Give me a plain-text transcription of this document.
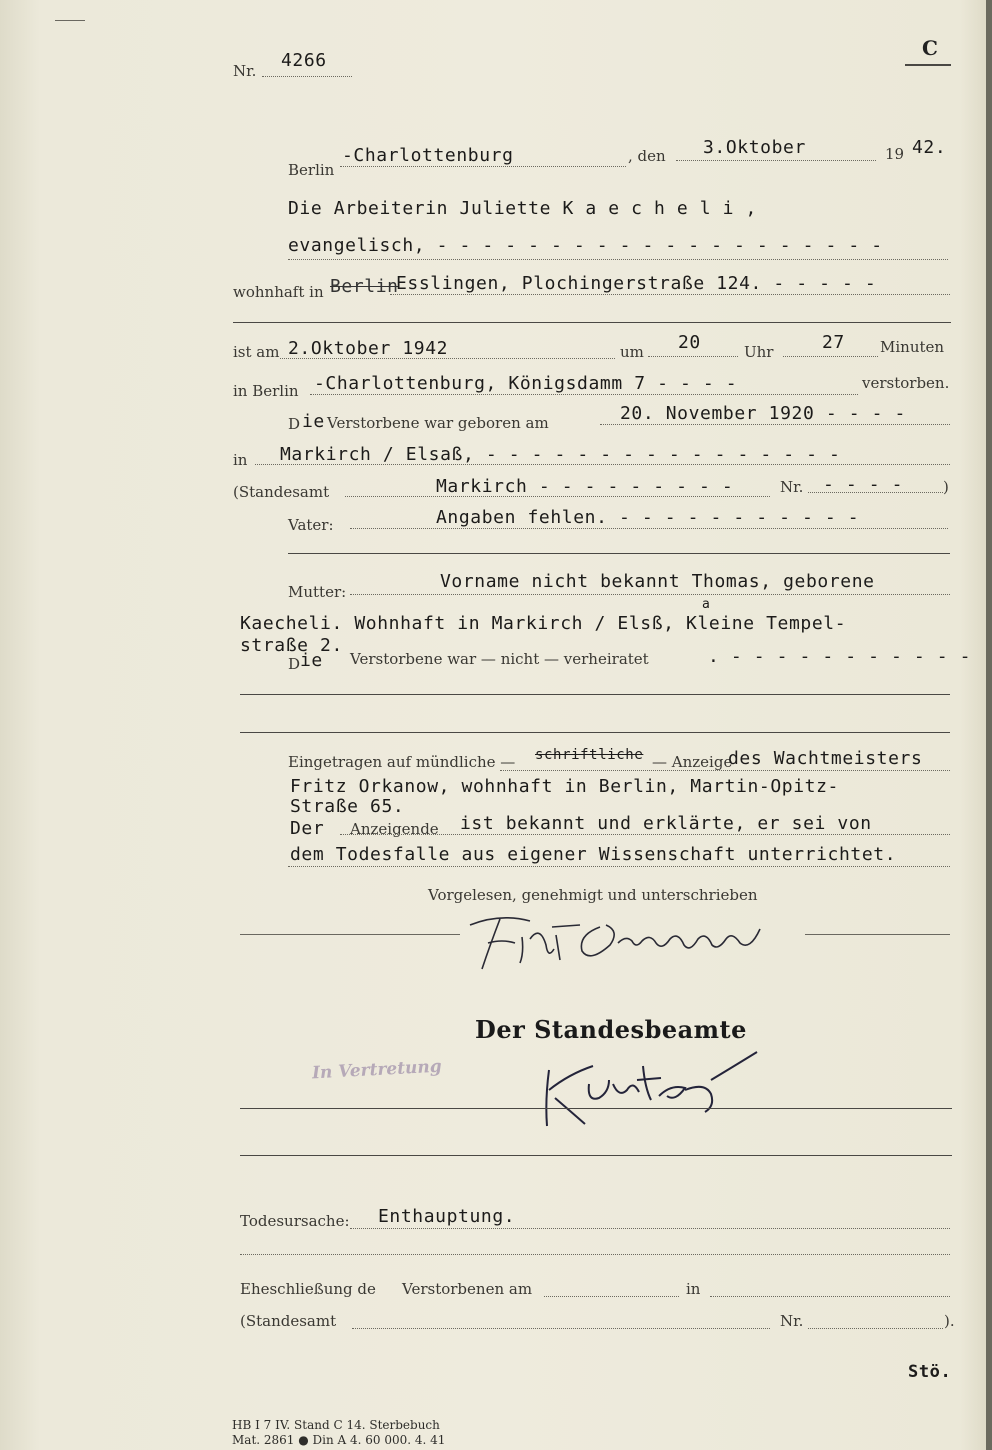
Nr. 4266
C
Berlin
-Charlottenburg	, den 3.Oktober	19 42.
Die Arbeiterin Juliette K a e c h e l i ,
evangelisch, - - - - - - - - - - - - - - - - - - - -
wohnhaft in Berlin
Esslingen, Plochingerstraße 124. - - - - -
ist am 2.Oktober 1942	um 20	Uhr	27 Minuten
in Berlin -Charlottenburg, Königsdamm 7 - - - -	verstorben.
D ie Verstorbene war geboren am	20. November 1920 - - - -
in Markirch / Elsaß, - - - - - - - - - - - - - - - -
(Standesamt	Markirch - - - - - - - - -	Nr. - - - -	)
Vater:	Angaben fehlen. - - - - - - - - - - -
Mutter:	Vorname nicht bekannt Thomas, geborene
a
Kaecheli. Wohnhaft in Markirch / Elsß, Kleine Tempel-
straße 2.
D ie Verstorbene war — nicht — verheiratet	. - - - - - - - - - - -
Eingetragen auf mündliche — schriftliche — Anzeige
des Wachtmeisters
Fritz Orkanow, wohnhaft in Berlin, Martin-Opitz-
Straße 65.
Der Anzeigende ist bekannt und erklärte, er sei von
dem Todesfalle aus eigener Wissenschaft unterrichtet.
Vorgelesen, genehmigt und unterschrieben
Der Standesbeamte
In Vertretung
Todesursache: Enthauptung.
Eheschließung de Verstorbenen am	in
(Standesamt	Nr.	).
Stö.
HB I 7 IV. Stand C 14. Sterbebuch
Mat. 2861 ● Din A 4. 60 000. 4. 41
